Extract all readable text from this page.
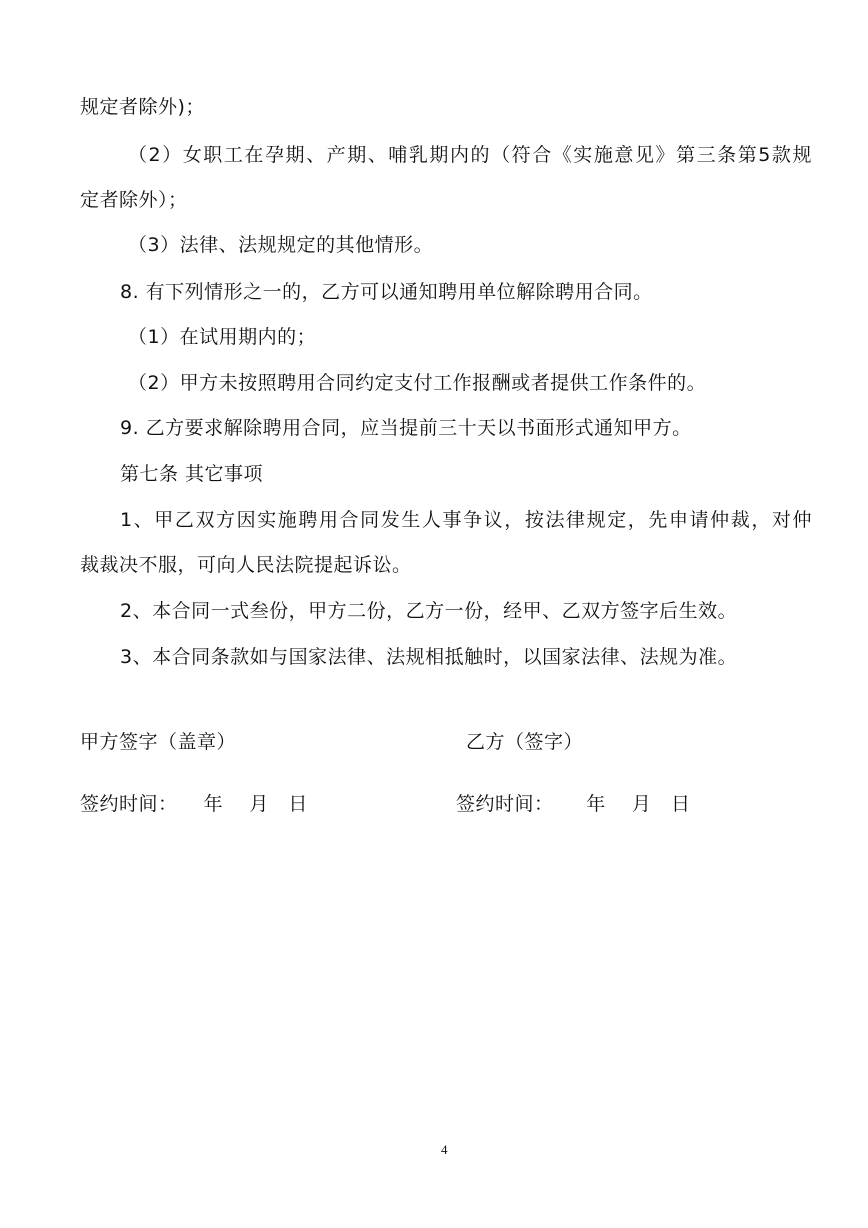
规定者除外)；
（2）女职工在孕期、产期、哺乳期内的（符合《实施意见》第三条第5款规
定者除外）；
（3）法律、法规规定的其他情形。
8. 有下列情形之一的，乙方可以通知聘用单位解除聘用合同。
（1）在试用期内的；
（2）甲方未按照聘用合同约定支付工作报酬或者提供工作条件的。
9. 乙方要求解除聘用合同，应当提前三十天以书面形式通知甲方。
第七条 其它事项
1、甲乙双方因实施聘用合同发生人事争议，按法律规定，先申请仲裁，对仲
裁裁决不服，可向人民法院提起诉讼。
2、本合同一式叁份，甲方二份，乙方一份，经甲、乙双方签字后生效。
3、本合同条款如与国家法律、法规相抵触时，以国家法律、法规为准。
甲方签字（盖章）	乙方（签字）
签约时间：    年    月   日	签约时间：     年    月   日
4
